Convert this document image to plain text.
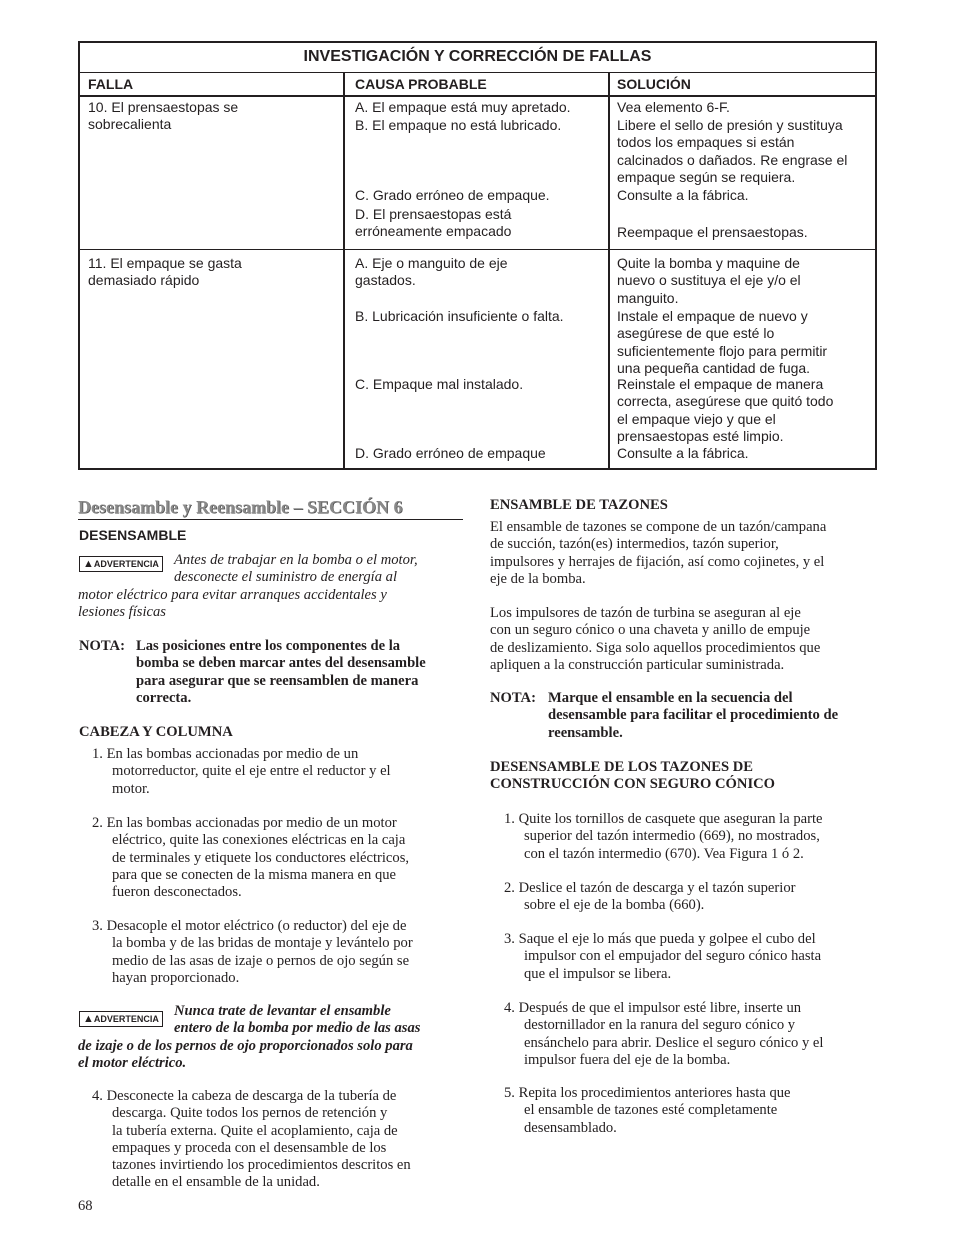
INVESTIGACIÓN Y CORRECCIÓN DE FALLAS
FALLA	CAUSA PROBABLE	SOLUCIÓN
10. El prensaestopas se
sobrecalienta
A. El empaque está muy apretado.
B. El empaque no está lubricado.
C. Grado erróneo de empaque.
D. El prensaestopas está
erróneamente empacado
Vea elemento 6-F.
Libere el sello de presión y sustituya
todos los empaques si están
calcinados o dañados. Re engrase el
empaque según se requiera.
Consulte a la fábrica.
Reempaque el prensaestopas.
11. El empaque se gasta
demasiado rápido
A. Eje o manguito de eje
gastados.
B. Lubricación insuficiente o falta.
C. Empaque mal instalado.
D. Grado erróneo de empaque
Quite la bomba y maquine de
nuevo o sustituya el eje y/o el
manguito.
Instale el empaque de nuevo y
asegúrese de que esté lo
suficientemente flojo para permitir
una pequeña cantidad de fuga.
Reinstale el empaque de manera
correcta, asegúrese que quitó todo
el empaque viejo y que el
prensaestopas esté limpio.
Consulte a la fábrica.
Desensamble y Reensamble – SECCIÓN 6
DESENSAMBLE
▲ADVERTENCIA Antes de trabajar en la bomba o el motor,
desconecte el suministro de energía al
motor eléctrico para evitar arranques accidentales y
lesiones físicas
NOTA: Las posiciones entre los componentes de la
bomba se deben marcar antes del desensamble
para asegurar que se reensamblen de manera
correcta.
CABEZA Y COLUMNA
1. En las bombas accionadas por medio de un
motorreductor, quite el eje entre el reductor y el
motor.
2. En las bombas accionadas por medio de un motor
eléctrico, quite las conexiones eléctricas en la caja
de terminales y etiquete los conductores eléctricos,
para que se conecten de la misma manera en que
fueron desconectados.
3. Desacople el motor eléctrico (o reductor) del eje de
la bomba y de las bridas de montaje y levántelo por
medio de las asas de izaje o pernos de ojo según se
hayan proporcionado.
▲ADVERTENCIA Nunca trate de levantar el ensamble
entero de la bomba por medio de las asas
de izaje o de los pernos de ojo proporcionados solo para
el motor eléctrico.
4. Desconecte la cabeza de descarga de la tubería de
descarga. Quite todos los pernos de retención y
la tubería externa. Quite el acoplamiento, caja de
empaques y proceda con el desensamble de los
tazones invirtiendo los procedimientos descritos en
detalle en el ensamble de la unidad.
68
ENSAMBLE DE TAZONES
El ensamble de tazones se compone de un tazón/campana
de succión, tazón(es) intermedios, tazón superior,
impulsores y herrajes de fijación, así como cojinetes, y el
eje de la bomba.
Los impulsores de tazón de turbina se aseguran al eje
con un seguro cónico o una chaveta y anillo de empuje
de deslizamiento. Siga solo aquellos procedimientos que
apliquen a la construcción particular suministrada.
NOTA: Marque el ensamble en la secuencia del
desensamble para facilitar el procedimiento de
reensamble.
DESENSAMBLE DE LOS TAZONES DE
CONSTRUCCIÓN CON SEGURO CÓNICO
1. Quite los tornillos de casquete que aseguran la parte
superior del tazón intermedio (669), no mostrados,
con el tazón intermedio (670). Vea Figura 1 ó 2.
2. Deslice el tazón de descarga y el tazón superior
sobre el eje de la bomba (660).
3. Saque el eje lo más que pueda y golpee el cubo del
impulsor con el empujador del seguro cónico hasta
que el impulsor se libera.
4. Después de que el impulsor esté libre, inserte un
destornillador en la ranura del seguro cónico y
ensánchelo para abrir. Deslice el seguro cónico y el
impulsor fuera del eje de la bomba.
5. Repita los procedimientos anteriores hasta que
el ensamble de tazones esté completamente
desensamblado.
